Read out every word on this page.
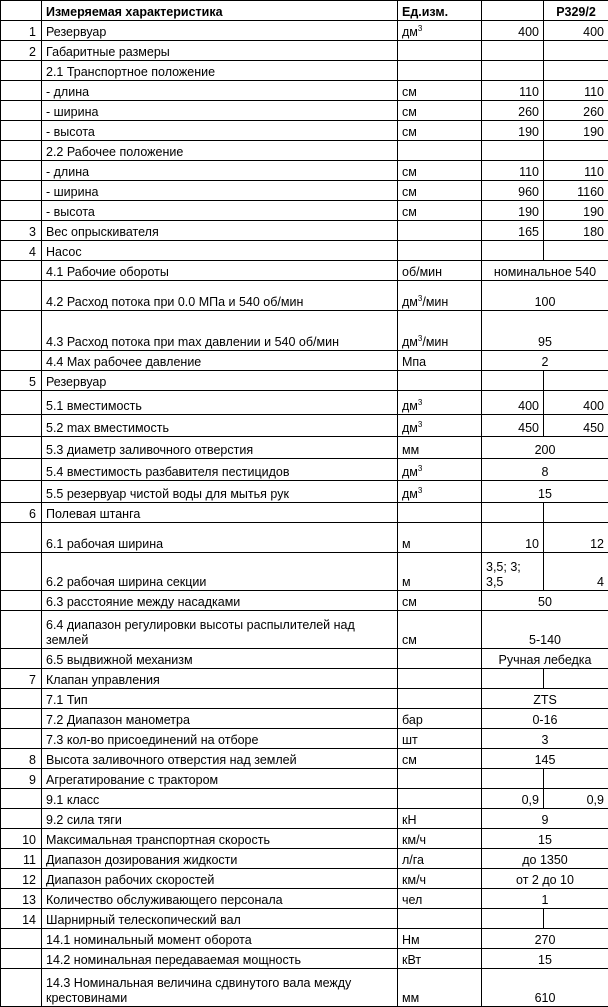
	Измеряемая характеристика	Ед.изм.		Р329/2
1	Резервуар	$дм^3$	400	400
2	Габаритные размеры			
	2.1 Транспортное положение			
	- длина	см	110	110
	- ширина	см	260	260
	- высота	см	190	190
	2.2 Рабочее положение			
	- длина	см	110	110
	- ширина	см	960	1160
	- высота	см	190	190
3	Вес опрыскивателя		165	180
4	Насос			
	4.1 Рабочие обороты	об/мин	номинальное 540	
	4.2 Расход потока при 0.0 МПа и 540 об/мин	$дм^3$/мин	100	
	4.3 Расход потока при max давлении и 540 об/мин	$дм^3$/мин	95	
	4.4 Max рабочее давление	Мпа	2	
5	Резервуар			
	5.1 вместимость	$дм^3$	400	400
	5.2 max вместимость	$дм^3$	450	450
	5.3 диаметр заливочного отверстия	мм	200	
	5.4 вместимость разбавителя пестицидов	$дм^3$	8	
	5.5 резервуар чистой воды для мытья рук	$дм^3$	15	
6	Полевая штанга			
	6.1 рабочая ширина	м	10	12
	6.2 рабочая ширина секции	м	3,5; 3; 3,5	4
	6.3 расстояние между насадками	см	50	
	6.4 диапазон регулировки высоты распылителей над землей	см	5-140	
	6.5 выдвижной механизм		Ручная лебедка	
7	Клапан управления			
	7.1 Тип		ZTS	
	7.2 Диапазон манометра	бар	0-16	
	7.3 кол-во присоединений на отборе	шт	3	
8	Высота заливочного отверстия над землей	см	145	
9	Агрегатирование с трактором			
	9.1 класс		0,9	0,9
	9.2 сила тяги	кН	9	
10	Максимальная транспортная скорость	км/ч	15	
11	Диапазон дозирования жидкости	л/га	до 1350	
12	Диапазон рабочих скоростей	км/ч	от 2 до 10	
13	Количество обслуживающего персонала	чел	1	
14	Шарнирный телескопический вал			
	14.1 номинальный момент оборота	Нм	270	
	14.2 номинальная передаваемая мощность	кВт	15	
	14.3 Номинальная величина сдвинутого вала между крестовинами	мм	610	
